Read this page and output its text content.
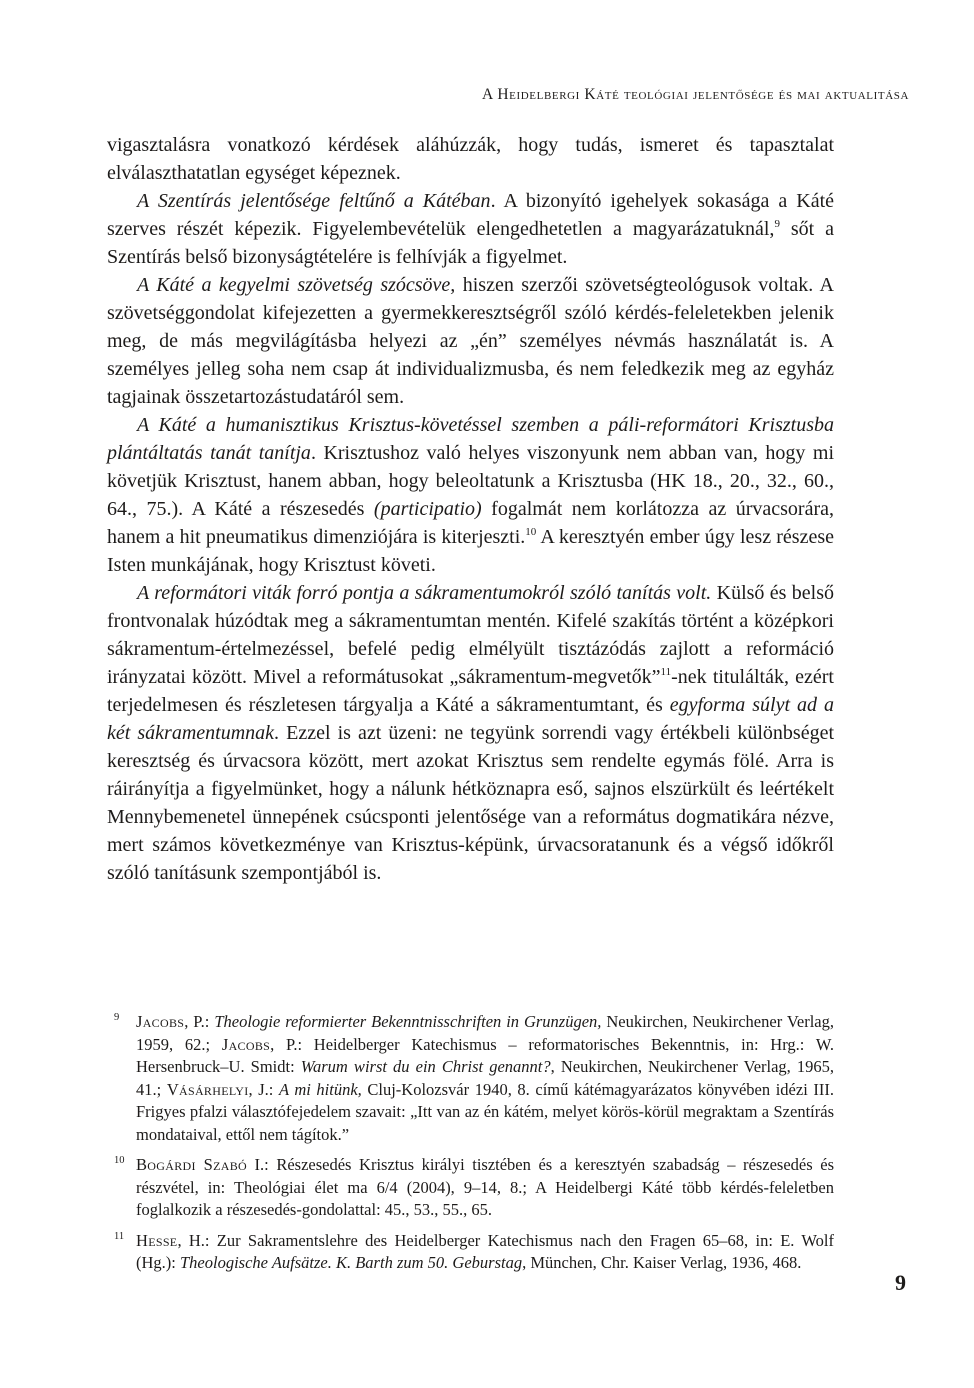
A Heidelbergi Káté teológiai jelentősége és mai aktualitása

vigasztalásra vonatkozó kérdések aláhúzzák, hogy tudás, ismeret és tapasztalat elválaszthatatlan egységet képeznek.

A Szentírás jelentősége feltűnő a Kátéban. A bizonyító igehelyek sokasága a Káté szerves részét képezik. Figyelembevételük elengedhetetlen a magyarázatuknál,$^9$ sőt a Szentírás belső bizonyságtételére is felhívják a figyelmet.

A Káté a kegyelmi szövetség szócsöve, hiszen szerzői szövetségteológusok voltak. A szövetséggondolat kifejezetten a gyermekkeresztségről szóló kérdés-feleletekben jelenik meg, de más megvilágításba helyezi az „én” személyes névmás használatát is. A személyes jelleg soha nem csap át individualizmusba, és nem feledkezik meg az egyház tagjainak összetartozástudatáról sem.

A Káté a humanisztikus Krisztus-követéssel szemben a páli-reformátori Krisztusba plántáltatás tanát tanítja. Krisztushoz való helyes viszonyunk nem abban van, hogy mi követjük Krisztust, hanem abban, hogy beleoltatunk a Krisztusba (HK 18., 20., 32., 60., 64., 75.). A Káté a részesedés (participatio) fogalmát nem korlátozza az úrvacsorára, hanem a hit pneumatikus dimenziójára is kiterjeszti.$^{10}$ A keresztyén ember úgy lesz részese Isten munkájának, hogy Krisztust követi.

A reformátori viták forró pontja a sákramentumokról szóló tanítás volt. Külső és belső frontvonalak húzódtak meg a sákramentumtan mentén. Kifelé szakítás történt a középkori sákramentum-értelmezéssel, befelé pedig elmélyült tisztázódás zajlott a reformáció irányzatai között. Mivel a reformátusokat „sákramentum-megvetők”$^{11}$-nek titulálták, ezért terjedelmesen és részletesen tárgyalja a Káté a sákramentumtant, és egyforma súlyt ad a két sákramentumnak. Ezzel is azt üzeni: ne tegyünk sorrendi vagy értékbeli különbséget keresztség és úrvacsora között, mert azokat Krisztus sem rendelte egymás fölé. Arra is ráirányítja a figyelmünket, hogy a nálunk hétköznapra eső, sajnos elszürkült és leértékelt Mennybemenetel ünnepének csúcsponti jelentősége van a református dogmatikára nézve, mert számos következménye van Krisztus-képünk, úrvacsoratanunk és a végső időkről szóló tanításunk szempontjából is.

9 Jacobs, P.: Theologie reformierter Bekenntnisschriften in Grunzügen, Neukirchen, Neukirchener Verlag, 1959, 62.; Jacobs, P.: Heidelberger Katechismus – reformatorisches Bekenntnis, in: Hrg.: W. Hersenbruck–U. Smidt: Warum wirst du ein Christ genannt?, Neukirchen, Neukirchener Verlag, 1965, 41.; Vásárhelyi, J.: A mi hitünk, Cluj-Kolozsvár 1940, 8. című kátémagyarázatos könyvében idézi III. Frigyes pfalzi választófejedelem szavait: „Itt van az én kátém, melyet körös-körül megraktam a Szentírás mondataival, ettől nem tágítok.”
10 Bogárdi Szabó I.: Részesedés Krisztus királyi tisztében és a keresztyén szabadság – részesedés és részvétel, in: Theológiai élet ma 6/4 (2004), 9–14, 8.; A Heidelbergi Káté több kérdés-feleletben foglalkozik a részesedés-gondolattal: 45., 53., 55., 65.
11 Hesse, H.: Zur Sakramentslehre des Heidelberger Katechismus nach den Fragen 65–68, in: E. Wolf (Hg.): Theologische Aufsätze. K. Barth zum 50. Geburstag, München, Chr. Kaiser Verlag, 1936, 468.
9
